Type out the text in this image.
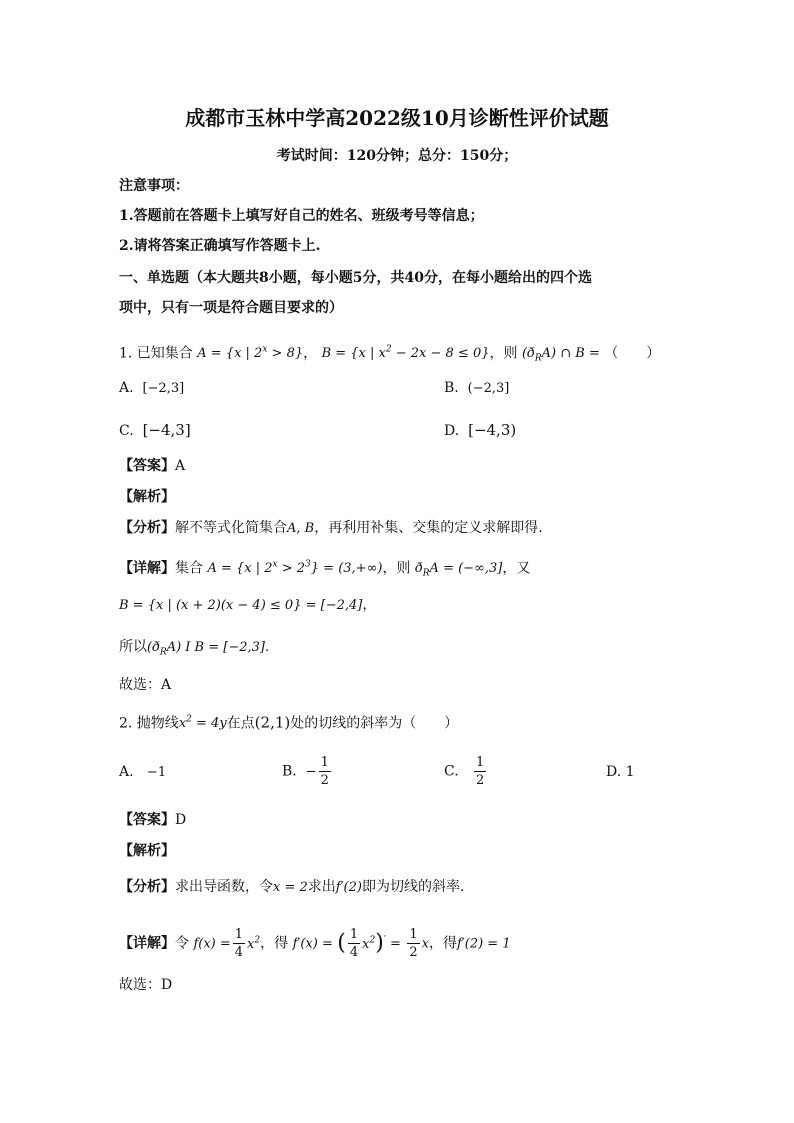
成都市玉林中学高2022级10月诊断性评价试题
考试时间：120分钟；总分：150分；
注意事项：
1.答题前在答题卡上填写好自己的姓名、班级考号等信息；
2.请将答案正确填写作答题卡上.
一、单选题（本大题共8小题，每小题5分，共40分，在每小题给出的四个选
项中，只有一项是符合题目要求的）
1. 已知集合 A = {x | $2^x > 8$}， B = {x | $x^2 - 2x - 8 \le 0$}，则 $(ð_RA)$ ∩ B = （　　）
A. [−2,3]	B. (−2,3]
C. [−4,3]	D. [−4,3)
【答案】A
【解析】
【分析】解不等式化简集合A, B，再利用补集、交集的定义求解即得.
【详解】集合 A = {x | $2^x > 2^3\} = (3,+\infty)$，则 $ð_RA = (-\infty,3]$，又
B = {x | (x + 2)(x − 4) ≤ 0} = [−2,4]，
所以$(ð_RA)$ I B = [−2,3].
故选：A
2. 抛物线$x^2 = 4y$在点(2,1)处的切线的斜率为（　　）
A. −1	B. − $\frac{1}{2}$	C. $\frac{1}{2}$	D. 1
【答案】D
【解析】
【分析】求出导函数，令x = 2求出f′(2)即为切线的斜率.
【详解】令 $f(x) = \frac{1}{4} x^2$，得 f′(x) = ( $\frac{1}{4} x^2)' = \frac{1}{2}$ x，得f′(2) = 1
故选：D
